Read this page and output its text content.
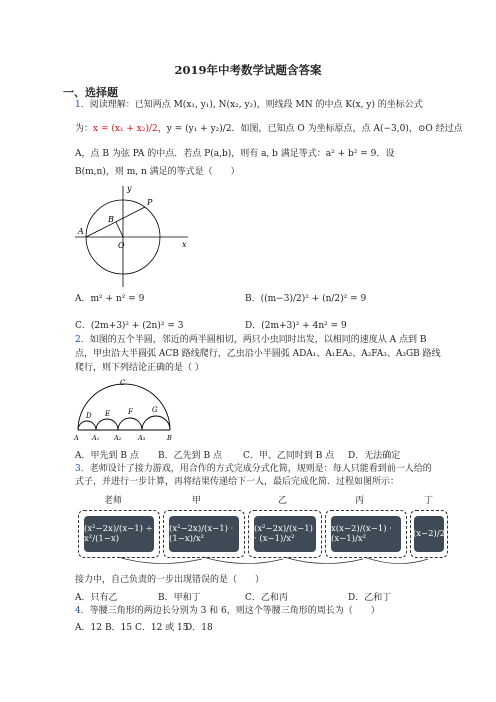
2019年中考数学试题含答案
一、选择题
1．阅读理解：已知两点 M(x₁, y₁), N(x₂, y₂)，则线段 MN 的中点 K(x, y) 的坐标公式
为：x = (x₁ + x₂)/2，y = (y₁ + y₂)/2．如图，已知点 O 为坐标原点，点 A(−3,0)，⊙O 经过点
A，点 B 为弦 PA 的中点．若点 P(a,b)，则有 a, b 满足等式：a² + b² = 9．设
B(m,n)，则 m, n 满足的等式是（　　）
y
x
P
B
A
O
A．m² + n² = 9	B．((m−3)/2)² + (n/2)² = 9
C．(2m+3)² + (2n)² = 3	D．(2m+3)² + 4n² = 9
2．如图的五个半圆，邻近的两半圆相切，两只小虫同时出发，以相同的速度从 A 点到 B
点，甲虫沿大半圆弧 ACB 路线爬行，乙虫沿小半圆弧 ADA₁、A₁EA₂、A₂FA₃、A₃GB 路线
爬行，则下列结论正确的是（ ）
C
D E	F	G
A A₁ A₂	A₃	B
A．甲先到 B 点 B．乙先到 B 点 C．甲、乙同时到 B 点 D．无法确定
3．老师设计了接力游戏，用合作的方式完成分式化简，规则是：每人只能看到前一人给的
式子，并进行一步计算，再将结果传递给下一人，最后完成化简．过程如图所示：
老师	甲	乙	丙	丁
(x²−2x)/(x−1) ÷ x²/(1−x)
(x²−2x)/(x−1) · (1−x)/x²
(x²−2x)/(x−1) · (x−1)/x²
x(x−2)/(x−1) · (x−1)/x²	(x−2)/2
接力中，自己负责的一步出现错误的是（　　）
A．只有乙	B．甲和丁	C．乙和丙	D．乙和丁
4．等腰三角形的两边长分别为 3 和 6，则这个等腰三角形的周长为（　　）
A．12 B．15 C．12 或 15
D．18
